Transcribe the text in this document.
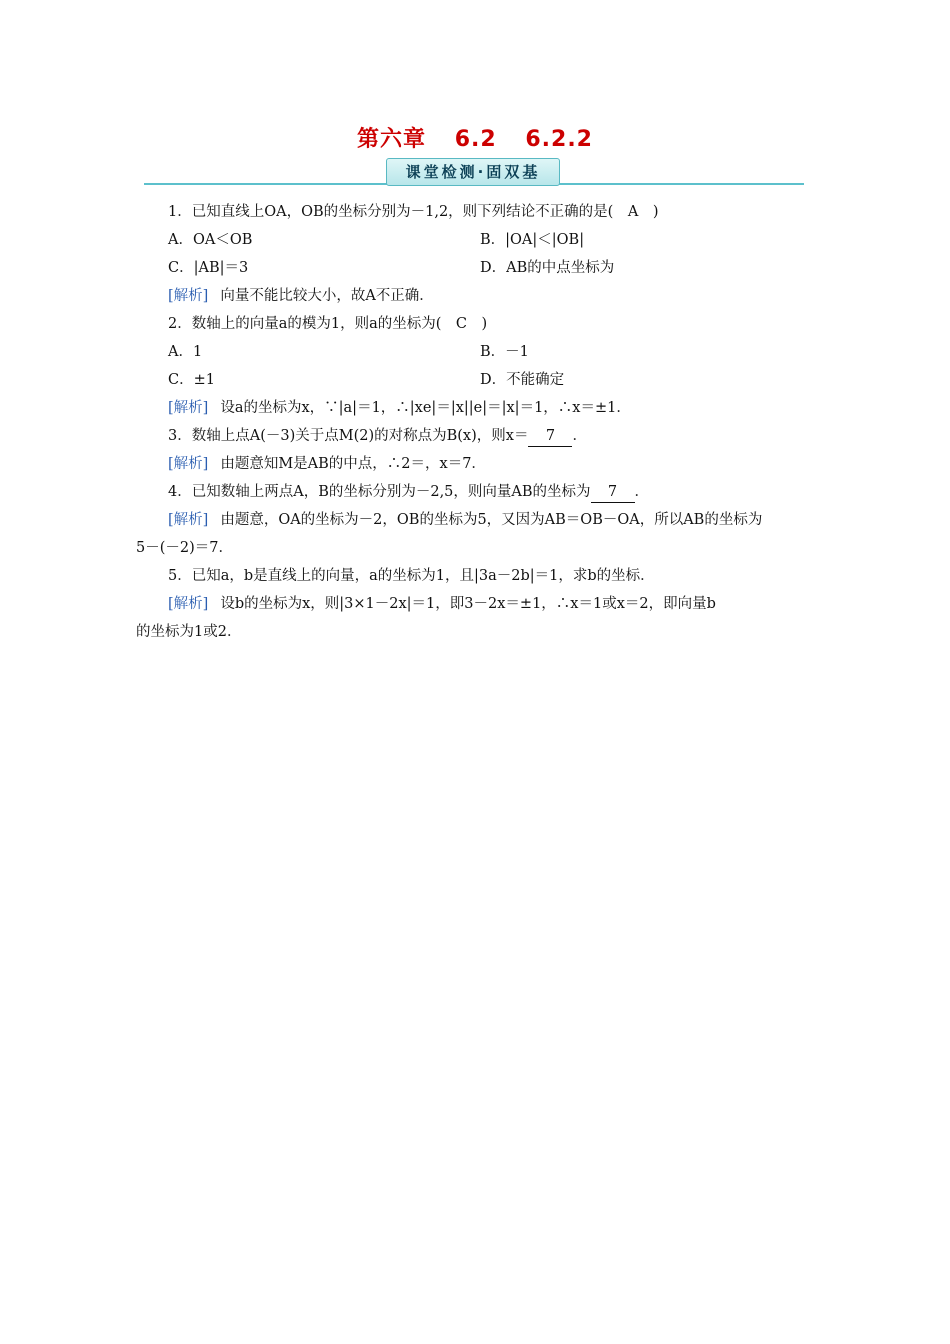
第六章 6.2 6.2.2
课堂检测·固双基
1．已知直线上OA，OB的坐标分别为－1,2，则下列结论不正确的是(　A　)
A．OA＜OB	B．|OA|＜|OB|
C．|AB|＝3	D．AB的中点坐标为
[解析] 向量不能比较大小，故A不正确．
2．数轴上的向量a的模为1，则a的坐标为(　C　)
A．1	B．－1
C．±1	D．不能确定
[解析] 设a的坐标为x，∵|a|＝1，∴|xe|＝|x||e|＝|x|＝1，∴x＝±1．
3．数轴上点A(－3)关于点M(2)的对称点为B(x)，则x＝ 7 ．
[解析] 由题意知M是AB的中点，∴2＝，x＝7．
4．已知数轴上两点A，B的坐标分别为－2,5，则向量AB的坐标为 7 ．
[解析] 由题意，OA的坐标为－2，OB的坐标为5，又因为AB＝OB－OA，所以AB的坐标为
5－(－2)＝7．
5．已知a，b是直线上的向量，a的坐标为1，且|3a－2b|＝1，求b的坐标．
[解析] 设b的坐标为x，则|3×1－2x|＝1，即3－2x＝±1，∴x＝1或x＝2，即向量b
的坐标为1或2．
